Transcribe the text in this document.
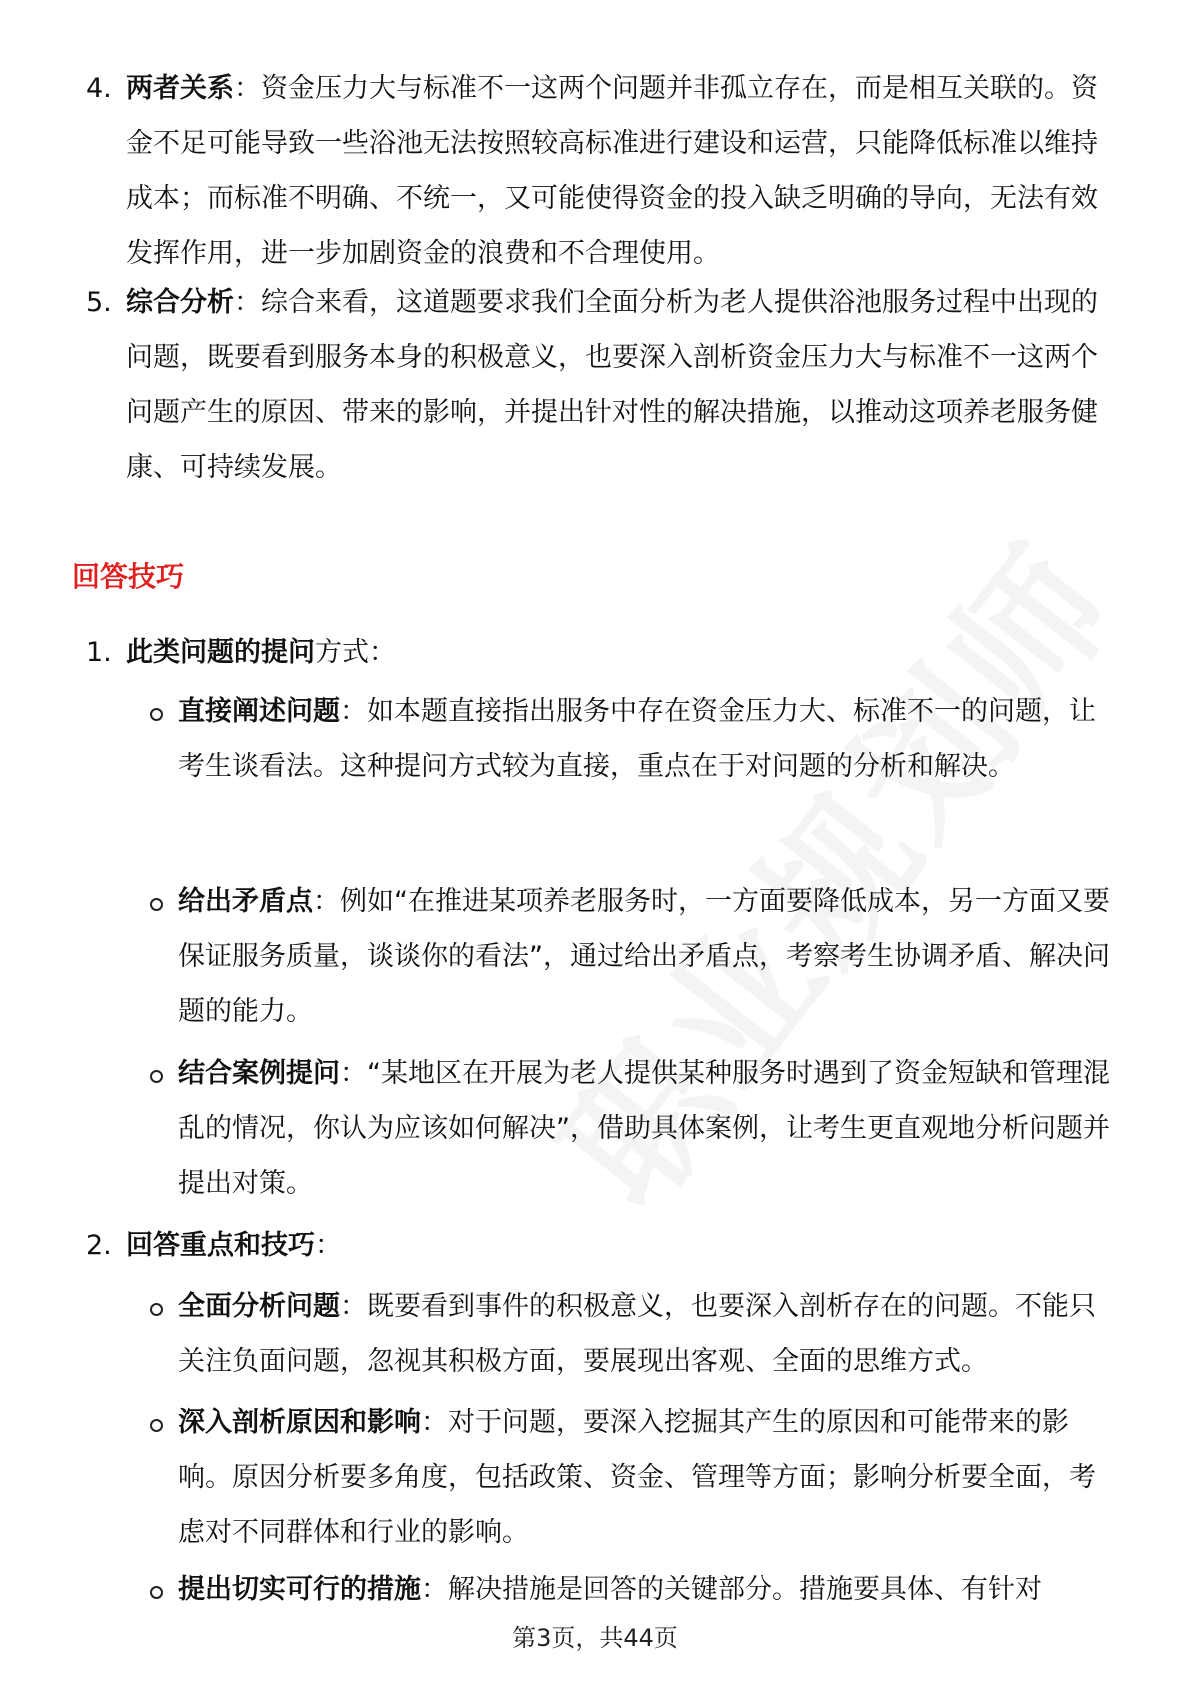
4. 两者关系：资金压力大与标准不一这两个问题并非孤立存在，而是相互关联的。资金不足可能导致一些浴池无法按照较高标准进行建设和运营，只能降低标准以维持成本；而标准不明确、不统一，又可能使得资金的投入缺乏明确的导向，无法有效发挥作用，进一步加剧资金的浪费和不合理使用。
5. 综合分析：综合来看，这道题要求我们全面分析为老人提供浴池服务过程中出现的问题，既要看到服务本身的积极意义，也要深入剖析资金压力大与标准不一这两个问题产生的原因、带来的影响，并提出针对性的解决措施，以推动这项养老服务健康、可持续发展。
回答技巧
1. 此类问题的提问方式：
直接阐述问题：如本题直接指出服务中存在资金压力大、标准不一的问题，让考生谈看法。这种提问方式较为直接，重点在于对问题的分析和解决。
给出矛盾点：例如“在推进某项养老服务时，一方面要降低成本，另一方面又要保证服务质量，谈谈你的看法”，通过给出矛盾点，考察考生协调矛盾、解决问题的能力。
结合案例提问：“某地区在开展为老人提供某种服务时遇到了资金短缺和管理混乱的情况，你认为应该如何解决”，借助具体案例，让考生更直观地分析问题并提出对策。
2. 回答重点和技巧：
全面分析问题：既要看到事件的积极意义，也要深入剖析存在的问题。不能只关注负面问题，忽视其积极方面，要展现出客观、全面的思维方式。
深入剖析原因和影响：对于问题，要深入挖掘其产生的原因和可能带来的影响。原因分析要多角度，包括政策、资金、管理等方面；影响分析要全面，考虑对不同群体和行业的影响。
提出切实可行的措施：解决措施是回答的关键部分。措施要具体、有针对
第3页，共44页
